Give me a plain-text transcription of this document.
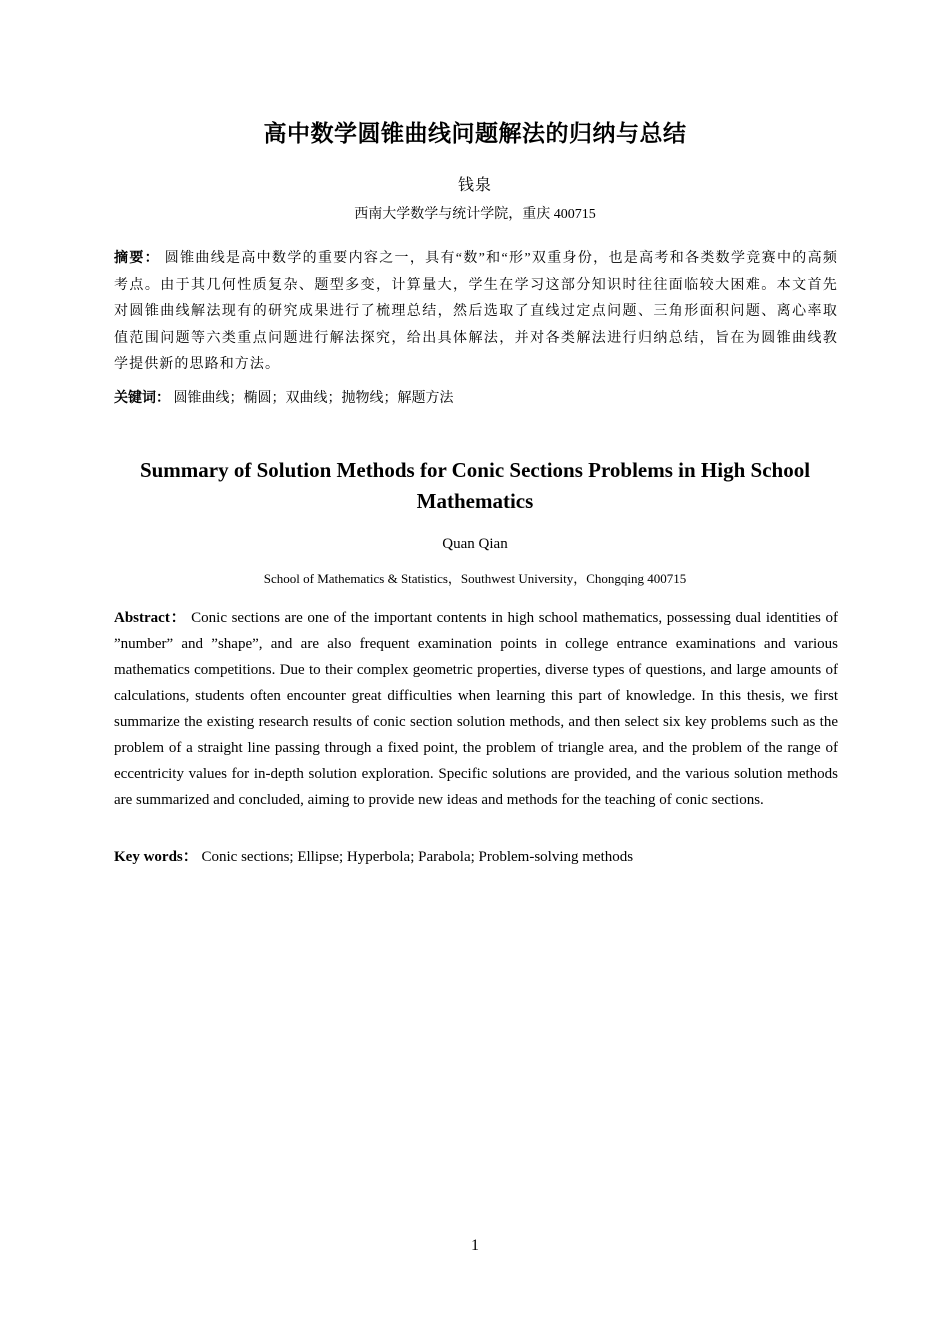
高中数学圆锥曲线问题解法的归纳与总结
钱泉
西南大学数学与统计学院，重庆 400715
摘要： 圆锥曲线是高中数学的重要内容之一，具有“数”和“形”双重身份，也是高考和各类数学竞赛中的高频考点。由于其几何性质复杂、题型多变，计算量大，学生在学习这部分知识时往往面临较大困难。本文首先对圆锥曲线解法现有的研究成果进行了梳理总结，然后选取了直线过定点问题、三角形面积问题、离心率取值范围问题等六类重点问题进行解法探究，给出具体解法，并对各类解法进行归纳总结，旨在为圆锥曲线教学提供新的思路和方法。
关键词： 圆锥曲线；椭圆；双曲线；抛物线；解题方法
Summary of Solution Methods for Conic Sections Problems in High School Mathematics
Quan Qian
School of Mathematics & Statistics，Southwest University，Chongqing 400715
Abstract： Conic sections are one of the important contents in high school mathematics, possessing dual identities of ”number” and ”shape”, and are also frequent examination points in college entrance examinations and various mathematics competitions. Due to their complex geometric properties, diverse types of questions, and large amounts of calculations, students often encounter great difficulties when learning this part of knowledge. In this thesis, we first summarize the existing research results of conic section solution methods, and then select six key problems such as the problem of a straight line passing through a fixed point, the problem of triangle area, and the problem of the range of eccentricity values for in-depth solution exploration. Specific solutions are provided, and the various solution methods are summarized and concluded, aiming to provide new ideas and methods for the teaching of conic sections.
Key words： Conic sections; Ellipse; Hyperbola; Parabola; Problem-solving methods
1
